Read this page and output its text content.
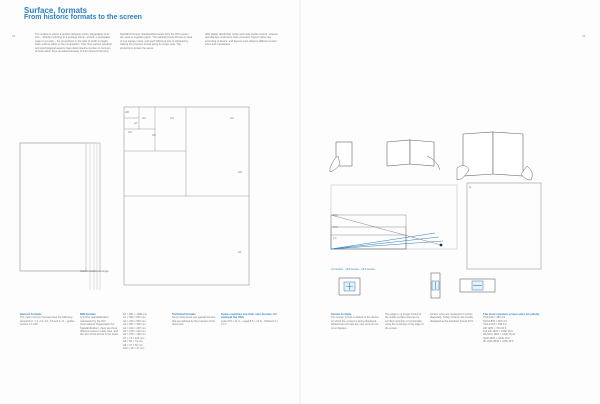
Surface, formats
From historic formats to the screen
22	23

The surface is where a graphic designer works. Regardless of its size – whether referring to a postage stamp, a book, a newspaper page or a poster – the proportions or the ratio of width to height, have a direct effect on the composition. Over time various practical and psychological aspects have determined a number of common formats which have prevailed because of their inherent harmony.

Standard formats: Standardized series from the DIN system are used to organize paper. The starting format A0 has an area of one square metre, and each following size is obtained by halving the previous format along its longer side. The proportions remain the same.

With digital, distributed online and multi-media content, screens and displays of all sizes have emerged. Aspect ratios vary according to device, and layouts must adapt to different screen sizes and orientations.

Golden section rectangle

A0
A1
A2
A3
A4
A5
A6
A7
A8

Historic formats
The most common formats have the following proportions: 1:1, 2:3, 3:4, 3:5 and 1:√2 – golden section 1:1.618.

DIN formats
In further standardization maintained by the ISO (International Organization for Standardization), there are three different series in each case, and the size of the format is the basis.

A0 = 841 × 1189 mm

A1 = 594 × 841 mm

A2 = 420 × 594 mm

A3 = 297 × 420 mm

A4 = 210 × 297 mm

A5 = 148 × 210 mm

A6 = 105 × 148 mm

A7 = 74 × 105 mm

A8 = 52 × 74 mm

A9 = 37 × 52 mm

A10 = 26 × 37 mm

Technical formats
Some documents use special formats that are defined by the purpose of the document.

Some countries use their own formats, for example the USA
Letter 8.5 × 11 in · Legal 8.5 × 14 in · Tabloid 11 × 17 in

19:9
16:9
4:3

4:3 screen · 16:9 screen · 19:9 screen

G

Screen formats
The screen format is related to the device on which the content is being displayed. Widescreen formats are now common for most displays.

The page is no longer limited to the visible surface and can be scrolled vertically or horizontally, using the scroll bar or the edge of the screen.

Screen sizes are measured in inches diagonally. Today screens are usually displayed at the standard format 16:9.

The most common screen sizes (in pixels)

VGA 640 × 480 4:3

SVGA 800 × 600 4:3

XGA 1024 × 768 4:3

HD 1280 × 720 16:9

Full HD 1920 × 1080 16:9

WUXGA 1920 × 1200 16:10

QHD 2560 × 1440 16:9

4K UHD 3840 × 2160 16:9
